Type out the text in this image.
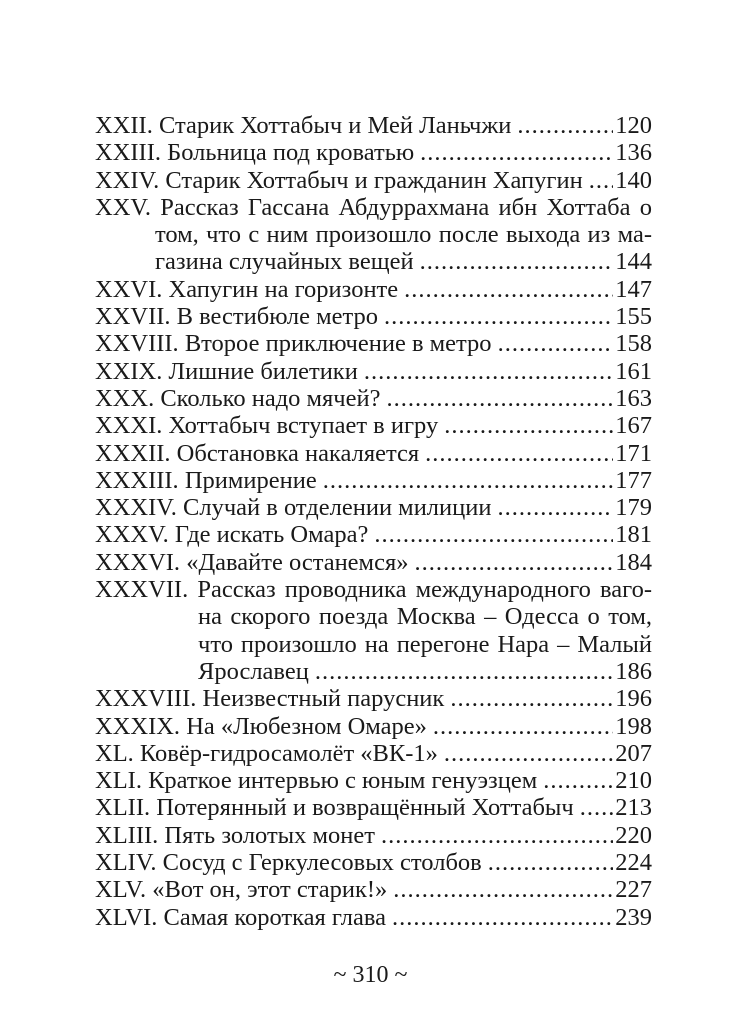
XXII. Старик Хоттабыч и Мей Ланьчжи .....	120
XXIII. Больница под кроватью .....	136
XXIV. Старик Хоттабыч и гражданин Хапугин ..... 140
XXV. Рассказ Гассана Абдуррахмана ибн Хоттаба о
том, что с ним произошло после выхода из ма-
газина случайных вещей .....	144
XXVI. Хапугин на горизонте .....	147
XXVII. В вестибюле метро .....	155
XXVIII. Второе приключение в метро .....	158
XXIX. Лишние билетики .....	161
XXX. Сколько надо мячей? .....	163
XXXI. Хоттабыч вступает в игру .....	167
XXXII. Обстановка накаляется .....	171
XXXIII. Примирение .....	177
XXXIV. Случай в отделении милиции .....	179
XXXV. Где искать Омара? .....	181
XXXVI. «Давайте останемся» .....	184
XXXVII. Рассказ проводника международного ваго-
на скорого поезда Москва – Одесса о том,
что произошло на перегоне Нара – Малый
Ярославец .....	186
XXXVIII. Неизвестный парусник .....	196
XXXIX. На «Любезном Омаре» .....	198
XL. Ковёр-гидросамолёт «ВК-1» .....	207
XLI. Краткое интервью с юным генуэзцем .....	210
XLII. Потерянный и возвращённый Хоттабыч ..... 213
XLIII. Пять золотых монет .....	220
XLIV. Сосуд с Геркулесовых столбов .....	224
XLV. «Вот он, этот старик!» .....	227
XLVI. Самая короткая глава .....	239
~ 310 ~
